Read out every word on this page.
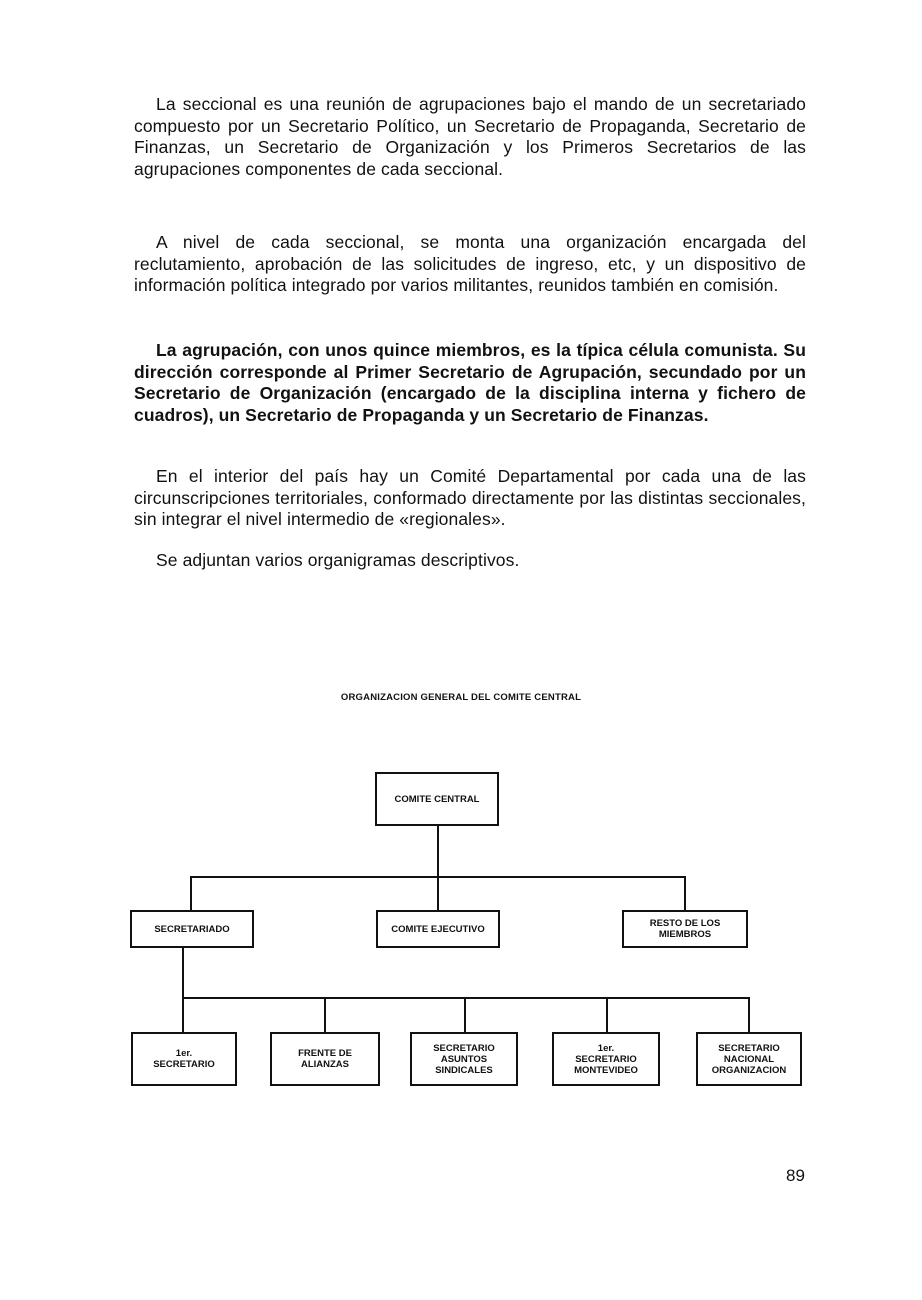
La seccional es una reunión de agrupaciones bajo el mando de un secretariado compuesto por un Secretario Político, un Secretario de Propaganda, Secretario de Finanzas, un Secretario de Organización y los Primeros Secretarios de las agrupaciones componentes de cada seccional.

A nivel de cada seccional, se monta una organización encargada del reclutamiento, aprobación de las solicitudes de ingreso, etc, y un dispositivo de información política integrado por varios militantes, reunidos también en comisión.

La agrupación, con unos quince miembros, es la típica célula comunista. Su dirección corresponde al Primer Secretario de Agrupación, secundado por un Secretario de Organización (encargado de la disciplina interna y fichero de cuadros), un Secretario de Propaganda y un Secretario de Finanzas.

En el interior del país hay un Comité Departamental por cada una de las circunscripciones territoriales, conformado directamente por las distintas seccionales, sin integrar el nivel intermedio de «regionales».

Se adjuntan varios organigramas descriptivos.

ORGANIZACION GENERAL DEL COMITE CENTRAL
COMITE CENTRAL
SECRETARIADO	COMITE EJECUTIVO	RESTO DE LOS
MIEMBROS
1er.
SECRETARIO
FRENTE DE
ALIANZAS
SECRETARIO
ASUNTOS
SINDICALES
1er.
SECRETARIO
MONTEVIDEO
SECRETARIO
NACIONAL
ORGANIZACION
89
